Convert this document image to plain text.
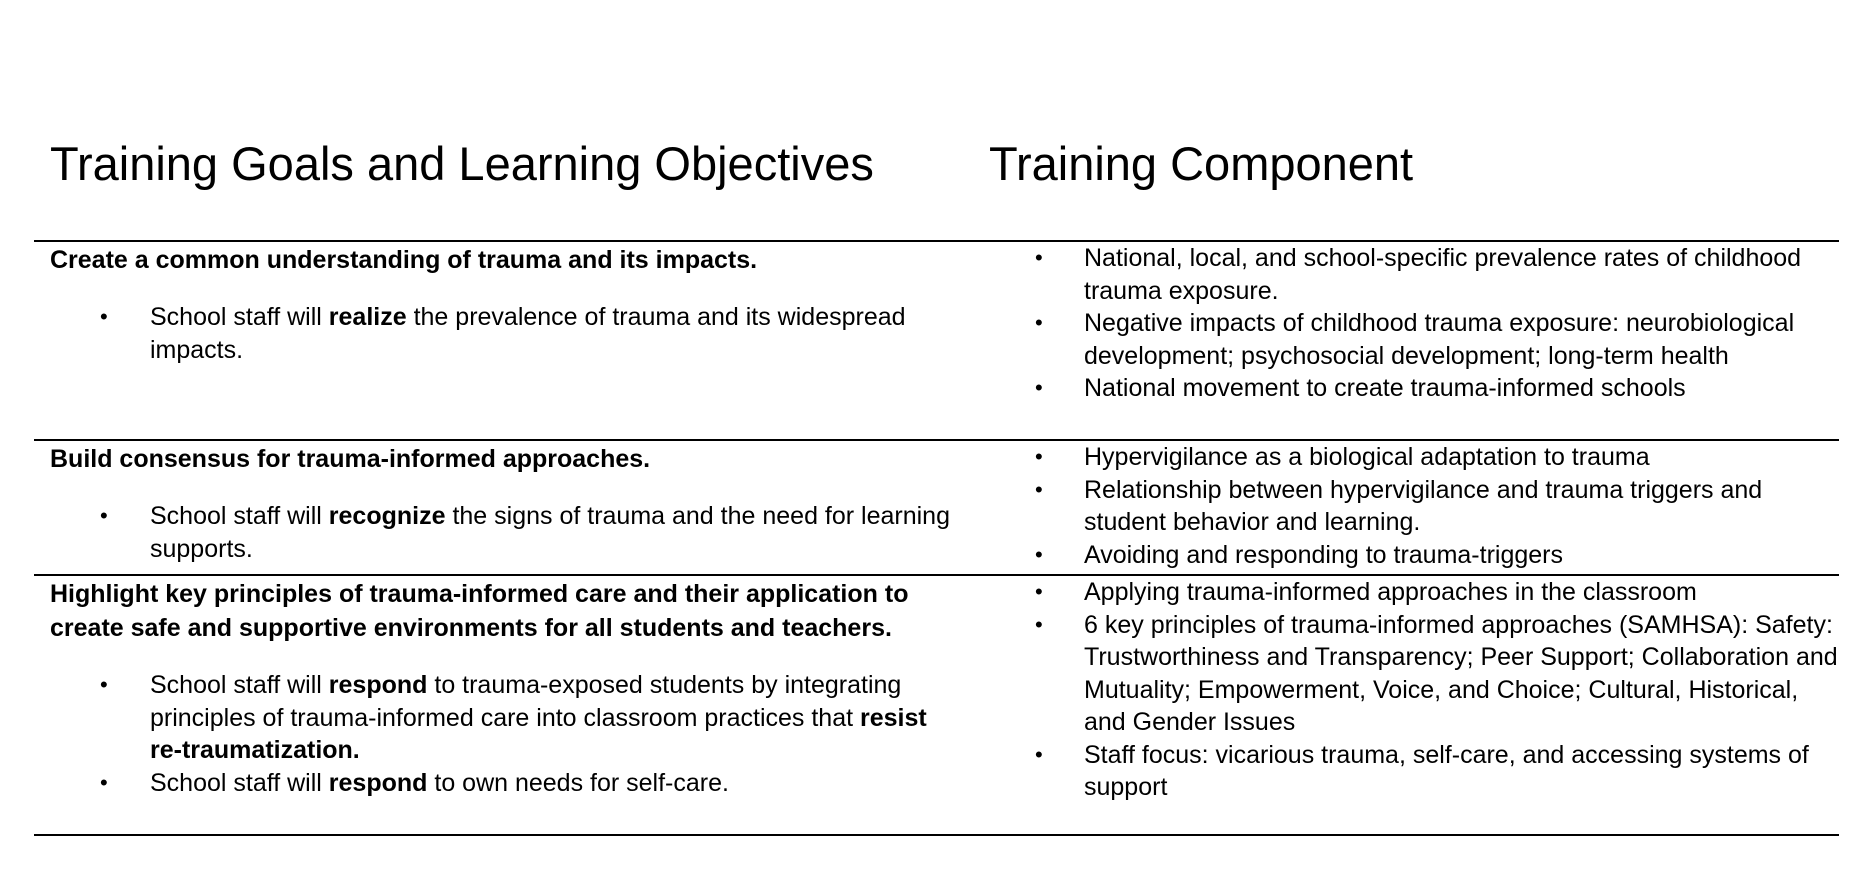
Training Goals and Learning Objectives Training Component

Create a common understanding of trauma and its impacts.

• School staff will realize the prevalence of trauma and its widespread impacts.
• National, local, and school-specific prevalence rates of childhood trauma exposure.
• Negative impacts of childhood trauma exposure: neurobiological development; psychosocial development; long-term health
• National movement to create trauma-informed schools

Build consensus for trauma-informed approaches.

• School staff will recognize the signs of trauma and the need for learning supports.
• Hypervigilance as a biological adaptation to trauma
• Relationship between hypervigilance and trauma triggers and student behavior and learning.
• Avoiding and responding to trauma-triggers

Highlight key principles of trauma-informed care and their application to create safe and supportive environments for all students and teachers.

• School staff will respond to trauma-exposed students by integrating principles of trauma-informed care into classroom practices that resist re-traumatization.
• School staff will respond to own needs for self-care.
• Applying trauma-informed approaches in the classroom
• 6 key principles of trauma-informed approaches (SAMHSA): Safety: Trustworthiness and Transparency; Peer Support; Collaboration and Mutuality; Empowerment, Voice, and Choice; Cultural, Historical, and Gender Issues
• Staff focus: vicarious trauma, self-care, and accessing systems of support
